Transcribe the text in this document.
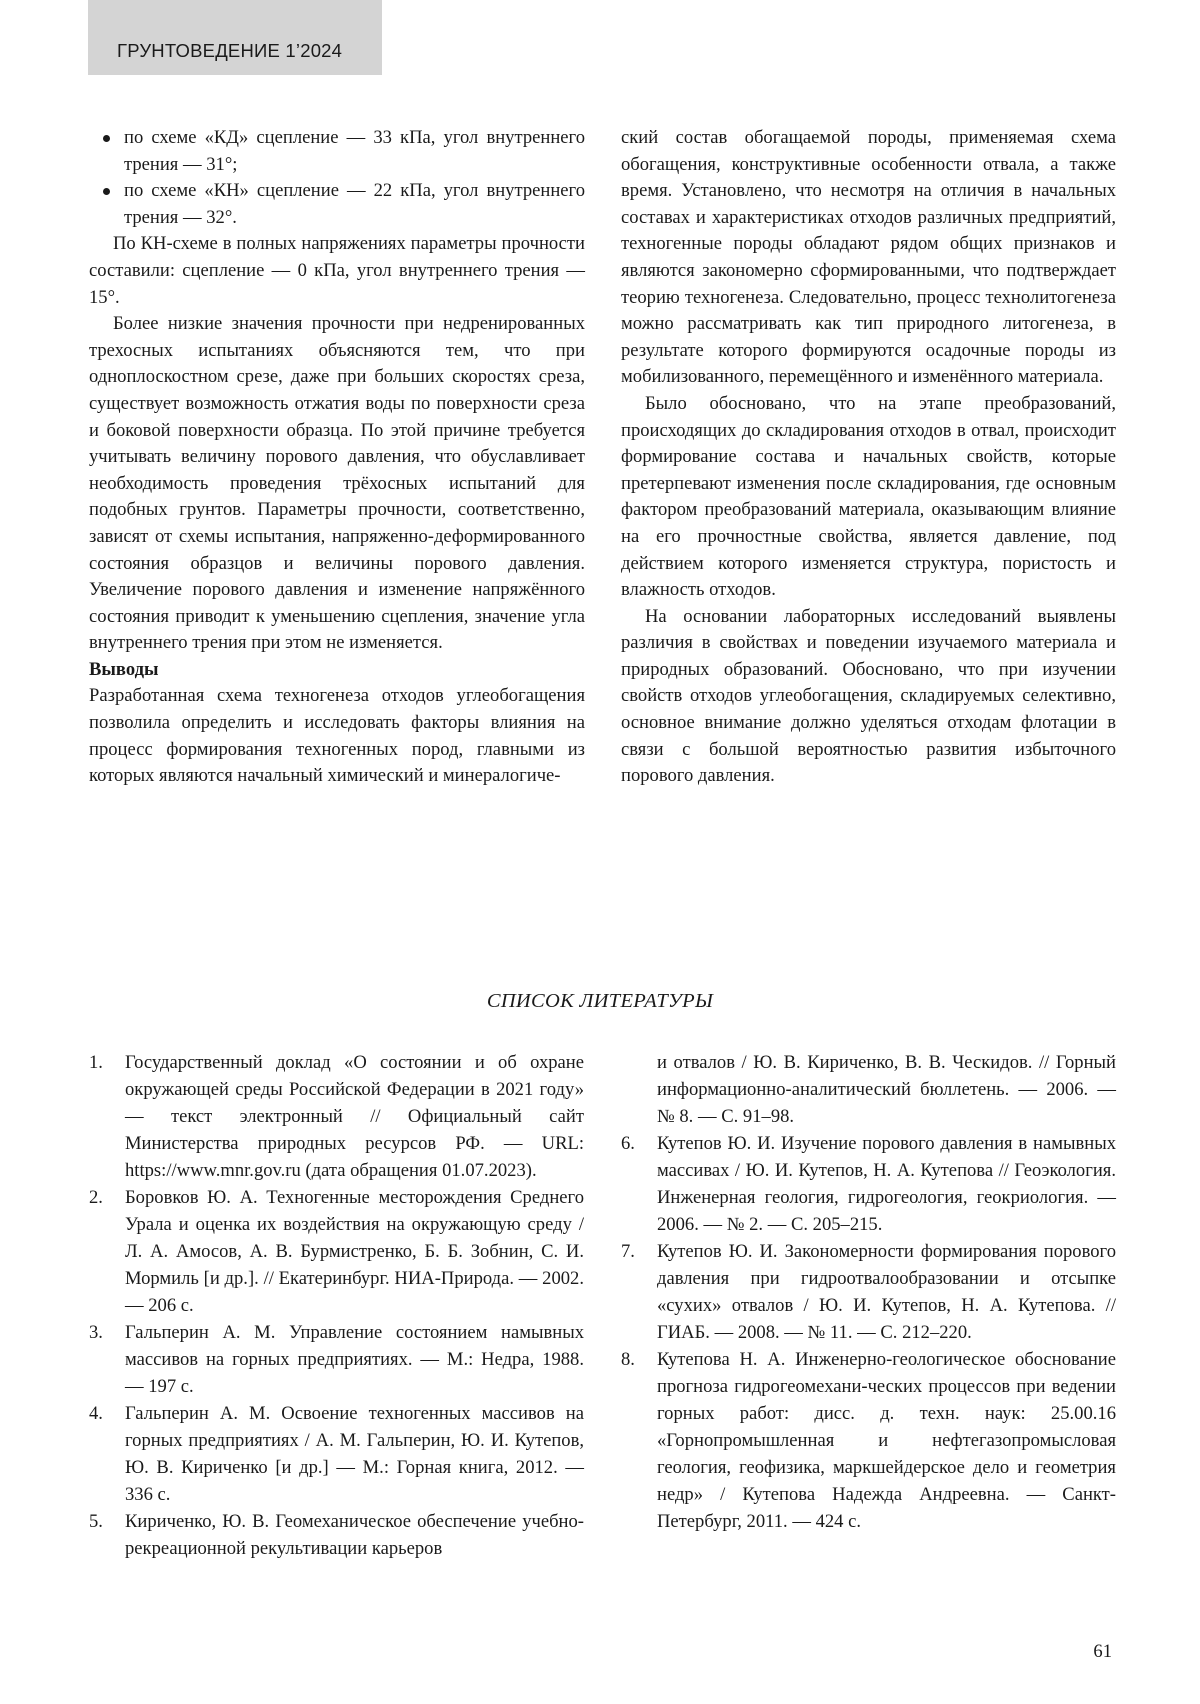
ГРУНТОВЕДЕНИЕ 1’2024
по схеме «КД» сцепление — 33 кПа, угол внутреннего трения — 31°;
по схеме «КН» сцепление — 22 кПа, угол внутреннего трения — 32°.

По КН-схеме в полных напряжениях параметры прочности составили: сцепление — 0 кПа, угол внутреннего трения — 15°.

Более низкие значения прочности при недренированных трехосных испытаниях объясняются тем, что при одноплоскостном срезе, даже при больших скоростях среза, существует возможность отжатия воды по поверхности среза и боковой поверхности образца. По этой причине требуется учитывать величину порового давления, что обуславливает необходимость проведения трёхосных испытаний для подобных грунтов. Параметры прочности, соответственно, зависят от схемы испытания, напряженно-деформированного состояния образцов и величины порового давления. Увеличение порового давления и изменение напряжённого состояния приводит к уменьшению сцепления, значение угла внутреннего трения при этом не изменяется.

Выводы

Разработанная схема техногенеза отходов углеобогащения позволила определить и исследовать факторы влияния на процесс формирования техногенных пород, главными из которых являются начальный химический и минералогиче-

ский состав обогащаемой породы, применяемая схема обогащения, конструктивные особенности отвала, а также время. Установлено, что несмотря на отличия в начальных составах и характеристиках отходов различных предприятий, техногенные породы обладают рядом общих признаков и являются закономерно сформированными, что подтверждает теорию техногенеза. Следовательно, процесс технолитогенеза можно рассматривать как тип природного литогенеза, в результате которого формируются осадочные породы из мобилизованного, перемещённого и изменённого материала.

Было обосновано, что на этапе преобразований, происходящих до складирования отходов в отвал, происходит формирование состава и начальных свойств, которые претерпевают изменения после складирования, где основным фактором преобразований материала, оказывающим влияние на его прочностные свойства, является давление, под действием которого изменяется структура, пористость и влажность отходов.

На основании лабораторных исследований выявлены различия в свойствах и поведении изучаемого материала и природных образований. Обосновано, что при изучении свойств отходов углеобогащения, складируемых селективно, основное внимание должно уделяться отходам флотации в связи с большой вероятностью развития избыточного порового давления.

СПИСОК ЛИТЕРАТУРЫ
1. Государственный доклад «О состоянии и об охране окружающей среды Российской Федерации в 2021 году» — текст электронный // Официальный сайт Министерства природных ресурсов РФ. — URL: https://www.mnr.gov.ru (дата обращения 01.07.2023).
2. Боровков Ю. А. Техногенные месторождения Среднего Урала и оценка их воздействия на окружающую среду / Л. А. Амосов, А. В. Бурмистренко, Б. Б. Зобнин, С. И. Мормиль [и др.]. // Екатеринбург. НИА-Природа. — 2002. — 206 с.
3. Гальперин А. М. Управление состоянием намывных массивов на горных предприятиях. — М.: Недра, 1988. — 197 с.
4. Гальперин А. М. Освоение техногенных массивов на горных предприятиях / А. М. Гальперин, Ю. И. Кутепов, Ю. В. Кириченко [и др.] — М.: Горная книга, 2012. — 336 с.
5. Кириченко, Ю. В. Геомеханическое обеспечение учебно-рекреационной рекультивации карьеров
и отвалов / Ю. В. Кириченко, В. В. Ческидов. // Горный информационно-аналитический бюллетень. — 2006. — № 8. — С. 91–98.
6. Кутепов Ю. И. Изучение порового давления в намывных массивах / Ю. И. Кутепов, Н. А. Кутепова // Геоэкология. Инженерная геология, гидрогеология, геокриология. — 2006. — № 2. — С. 205–215.
7. Кутепов Ю. И. Закономерности формирования порового давления при гидроотвалообразовании и отсыпке «сухих» отвалов / Ю. И. Кутепов, Н. А. Кутепова. // ГИАБ. — 2008. — № 11. — С. 212–220.
8. Кутепова Н. А. Инженерно-геологическое обоснование прогноза гидрогеомехани-ческих процессов при ведении горных работ: дисс. д. техн. наук: 25.00.16 «Горнопромышленная и нефтегазопромысловая геология, геофизика, маркшейдерское дело и геометрия недр» / Кутепова Надежда Андреевна. — Санкт-Петербург, 2011. — 424 с.
61
